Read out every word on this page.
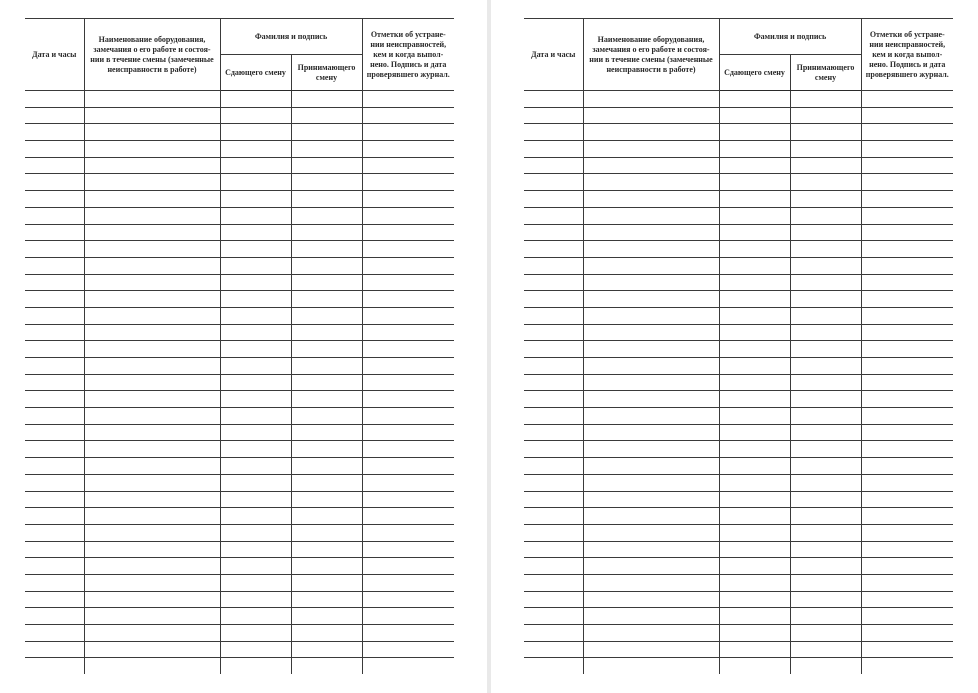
Дата и часы	Наименование оборудования, замечания о его работе и состоя- нии в течение смены (замеченные неисправности в работе)	Фамилия и подпись		Отметки об устране- нии неисправностей, кем и когда выпол- нено. Подпись и дата проверявшего журнал.
		Сдающего смену	Принимающего смену	

Дата и часы	Наименование оборудования, замечания о его работе и состоя- нии в течение смены (замеченные неисправности в работе)	Фамилия и подпись		Отметки об устране- нии неисправностей, кем и когда выпол- нено. Подпись и дата проверявшего журнал.
		Сдающего смену	Принимающего смену	
